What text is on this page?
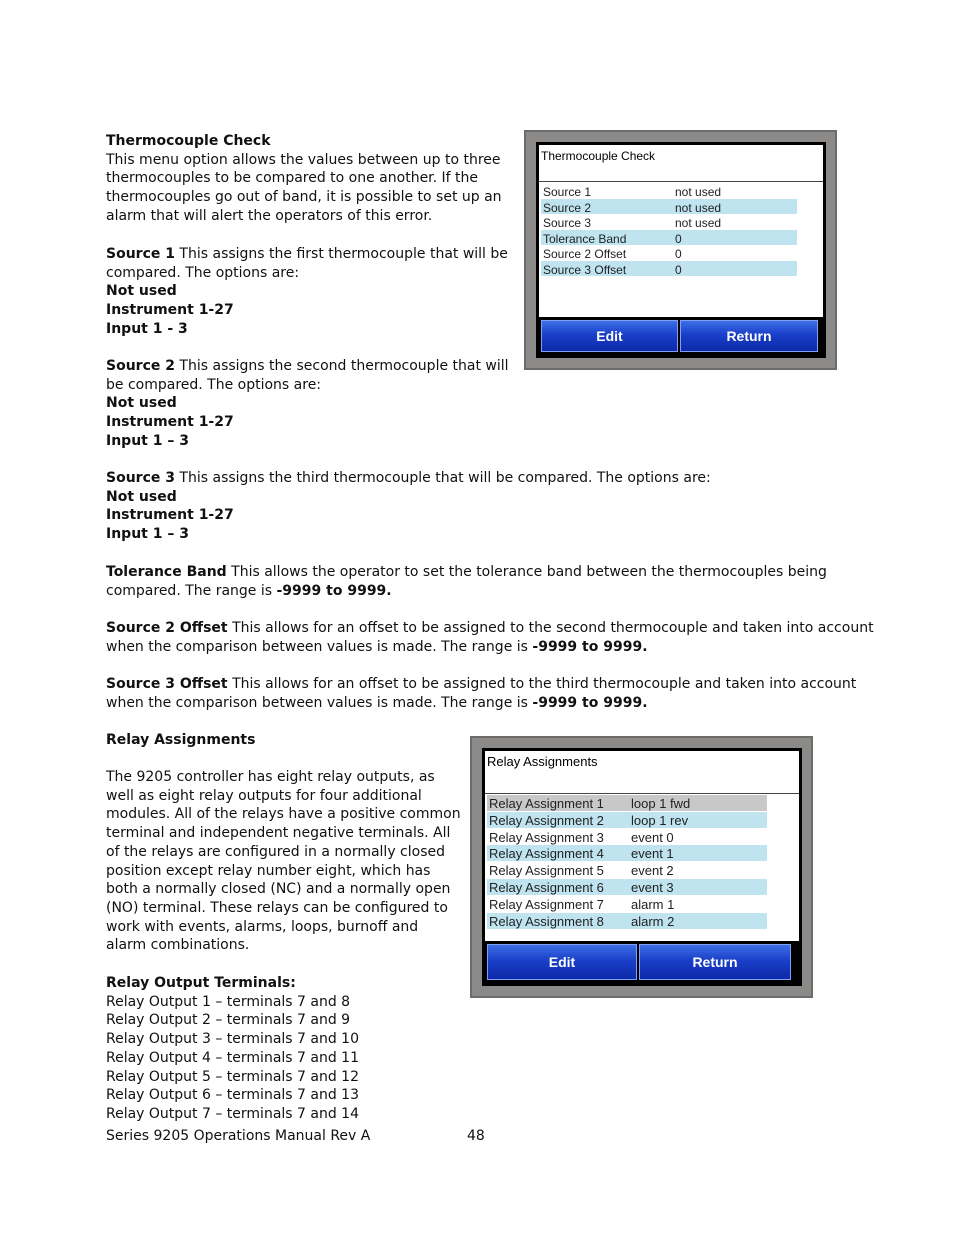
Thermocouple Check
This menu option allows the values between up to three
thermocouples to be compared to one another. If the
thermocouples go out of band, it is possible to set up an
alarm that will alert the operators of this error.
Source 1 This assigns the first thermocouple that will be
compared. The options are:
Not used
Instrument 1-27
Input 1 - 3
Source 2 This assigns the second thermocouple that will
be compared. The options are:
Not used
Instrument 1-27
Input 1 – 3
Source 3 This assigns the third thermocouple that will be compared. The options are:
Not used
Instrument 1-27
Input 1 – 3
Tolerance Band This allows the operator to set the tolerance band between the thermocouples being
compared. The range is -9999 to 9999.
Source 2 Offset This allows for an offset to be assigned to the second thermocouple and taken into account
when the comparison between values is made. The range is -9999 to 9999.
Source 3 Offset This allows for an offset to be assigned to the third thermocouple and taken into account
when the comparison between values is made. The range is -9999 to 9999.
Thermocouple Check
Source 1	not used
Source 2	not used
Source 3	not used
Tolerance Band	0
Source 2 Offset	0
Source 3 Offset	0
Edit	Return
Relay Assignments
The 9205 controller has eight relay outputs, as
well as eight relay outputs for four additional
modules. All of the relays have a positive common
terminal and independent negative terminals. All
of the relays are configured in a normally closed
position except relay number eight, which has
both a normally closed (NC) and a normally open
(NO) terminal. These relays can be configured to
work with events, alarms, loops, burnoff and
alarm combinations.
Relay Output Terminals:
Relay Output 1 – terminals 7 and 8
Relay Output 2 – terminals 7 and 9
Relay Output 3 – terminals 7 and 10
Relay Output 4 – terminals 7 and 11
Relay Output 5 – terminals 7 and 12
Relay Output 6 – terminals 7 and 13
Relay Output 7 – terminals 7 and 14
Relay Assignments
Relay Assignment 1 loop 1 fwd
Relay Assignment 2 loop 1 rev
Relay Assignment 3 event 0
Relay Assignment 4 event 1
Relay Assignment 5 event 2
Relay Assignment 6 event 3
Relay Assignment 7 alarm 1
Relay Assignment 8 alarm 2
Edit	Return
Series 9205 Operations Manual Rev A	48
